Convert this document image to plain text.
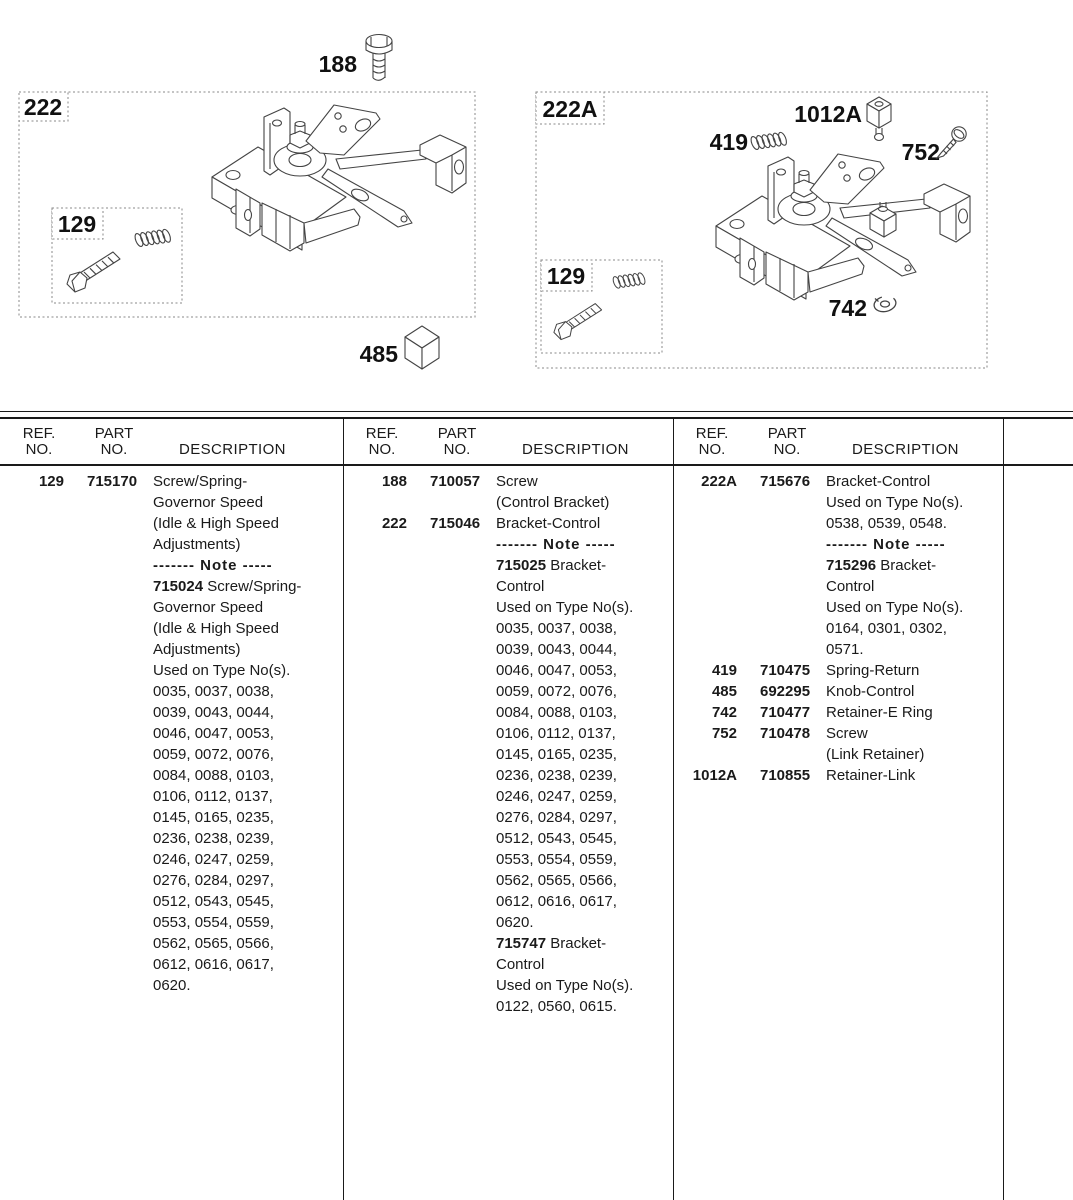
188
222
129
485
222A
419
1012A
752
742
129
REF.
NO.
PART
NO.	DESCRIPTION
129 715170 Screw/Spring-
Governor Speed
(Idle & High Speed
Adjustments)
------- Note -----
715024 Screw/Spring-
Governor Speed
(Idle & High Speed
Adjustments)
Used on Type No(s).
0035, 0037, 0038,
0039, 0043, 0044,
0046, 0047, 0053,
0059, 0072, 0076,
0084, 0088, 0103,
0106, 0112, 0137,
0145, 0165, 0235,
0236, 0238, 0239,
0246, 0247, 0259,
0276, 0284, 0297,
0512, 0543, 0545,
0553, 0554, 0559,
0562, 0565, 0566,
0612, 0616, 0617,
0620.
REF.
NO.
PART
NO.	DESCRIPTION
188 710057 Screw
(Control Bracket)
222 715046 Bracket-Control
------- Note -----
715025 Bracket-
Control
Used on Type No(s).
0035, 0037, 0038,
0039, 0043, 0044,
0046, 0047, 0053,
0059, 0072, 0076,
0084, 0088, 0103,
0106, 0112, 0137,
0145, 0165, 0235,
0236, 0238, 0239,
0246, 0247, 0259,
0276, 0284, 0297,
0512, 0543, 0545,
0553, 0554, 0559,
0562, 0565, 0566,
0612, 0616, 0617,
0620.
715747 Bracket-
Control
Used on Type No(s).
0122, 0560, 0615.
REF.
NO.
PART
NO.	DESCRIPTION
222A 715676 Bracket-Control
Used on Type No(s).
0538, 0539, 0548.
------- Note -----
715296 Bracket-
Control
Used on Type No(s).
0164, 0301, 0302,
0571.
419 710475 Spring-Return
485 692295 Knob-Control
742 710477 Retainer-E Ring
752 710478 Screw
(Link Retainer)
1012A 710855 Retainer-Link
